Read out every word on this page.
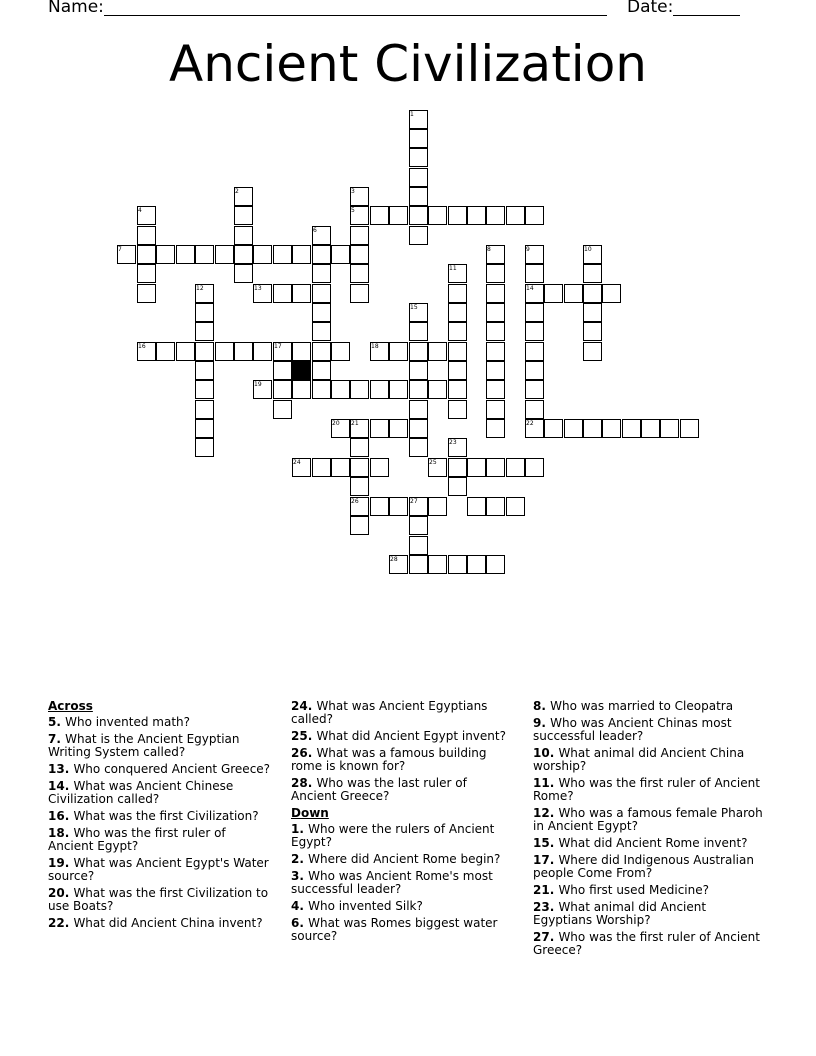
Name:	Date:
Ancient Civilization
1
2	3
4	5
6
7	8	9	10
11
12	13	14
15
16	17	18
19
20 21	22
23
24	25
26	27
28
Across
5. Who invented math?
7. What is the Ancient Egyptian Writing System called?
13. Who conquered Ancient Greece?
14. What was Ancient Chinese Civilization called?
16. What was the first Civilization?
18. Who was the first ruler of Ancient Egypt?
19. What was Ancient Egypt's Water source?
20. What was the first Civilization to use Boats?
22. What did Ancient China invent?
24. What was Ancient Egyptians called?
25. What did Ancient Egypt invent?
26. What was a famous building rome is known for?
28. Who was the last ruler of Ancient Greece?
Down
1. Who were the rulers of Ancient Egypt?
2. Where did Ancient Rome begin?
3. Who was Ancient Rome's most successful leader?
4. Who invented Silk?
6. What was Romes biggest water source?
8. Who was married to Cleopatra
9. Who was Ancient Chinas most successful leader?
10. What animal did Ancient China worship?
11. Who was the first ruler of Ancient Rome?
12. Who was a famous female Pharoh in Ancient Egypt?
15. What did Ancient Rome invent?
17. Where did Indigenous Australian people Come From?
21. Who first used Medicine?
23. What animal did Ancient Egyptians Worship?
27. Who was the first ruler of Ancient Greece?
